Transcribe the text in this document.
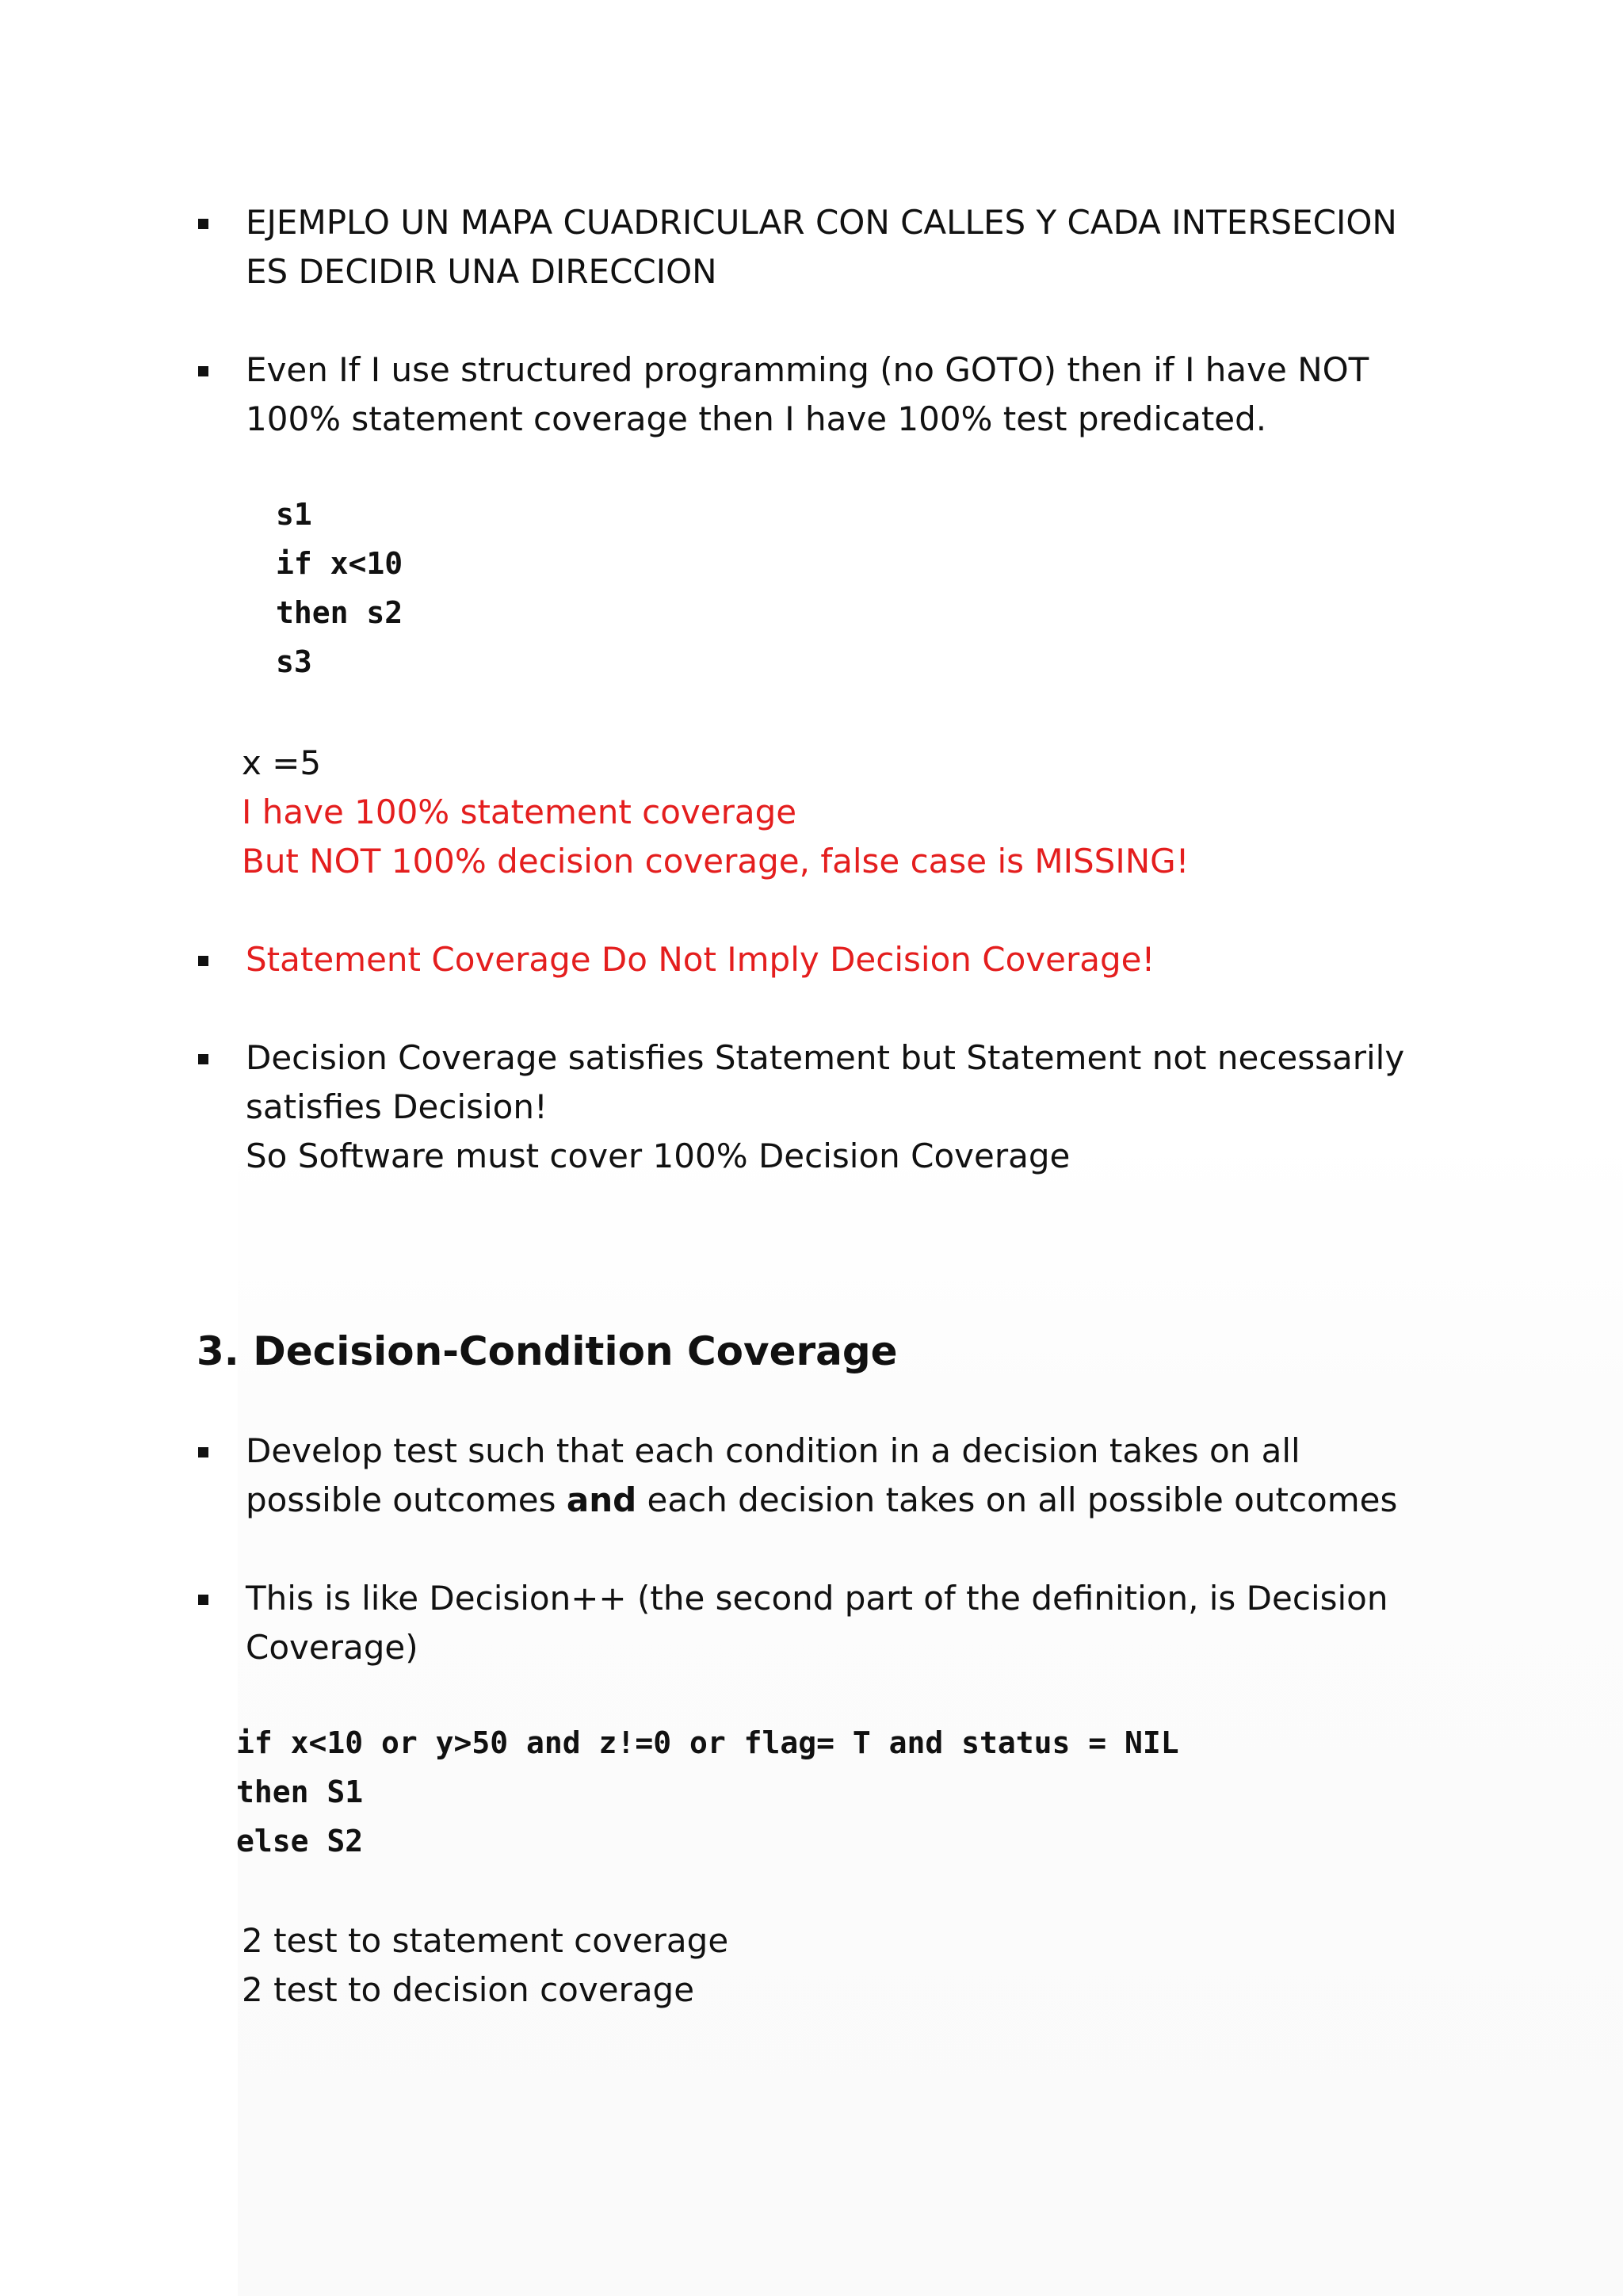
EJEMPLO UN MAPA CUADRICULAR CON CALLES Y CADA INTERSECION
ES DECIDIR UNA DIRECCION
Even If I use structured programming (no GOTO) then if I have NOT
100% statement coverage then I have 100% test predicated.
s1
if x<10
then s2
s3
x =5
I have 100% statement coverage
But NOT 100% decision coverage, false case is MISSING!
Statement Coverage Do Not Imply Decision Coverage!
Decision Coverage satisfies Statement but Statement not necessarily
satisfies Decision!
So Software must cover 100% Decision Coverage
3. Decision-Condition Coverage
Develop test such that each condition in a decision takes on all
possible outcomes and each decision takes on all possible outcomes
This is like Decision++ (the second part of the definition, is Decision
Coverage)
if x<10 or y>50 and z!=0 or flag= T and status = NIL
then S1
else S2
2 test to statement coverage
2 test to decision coverage
